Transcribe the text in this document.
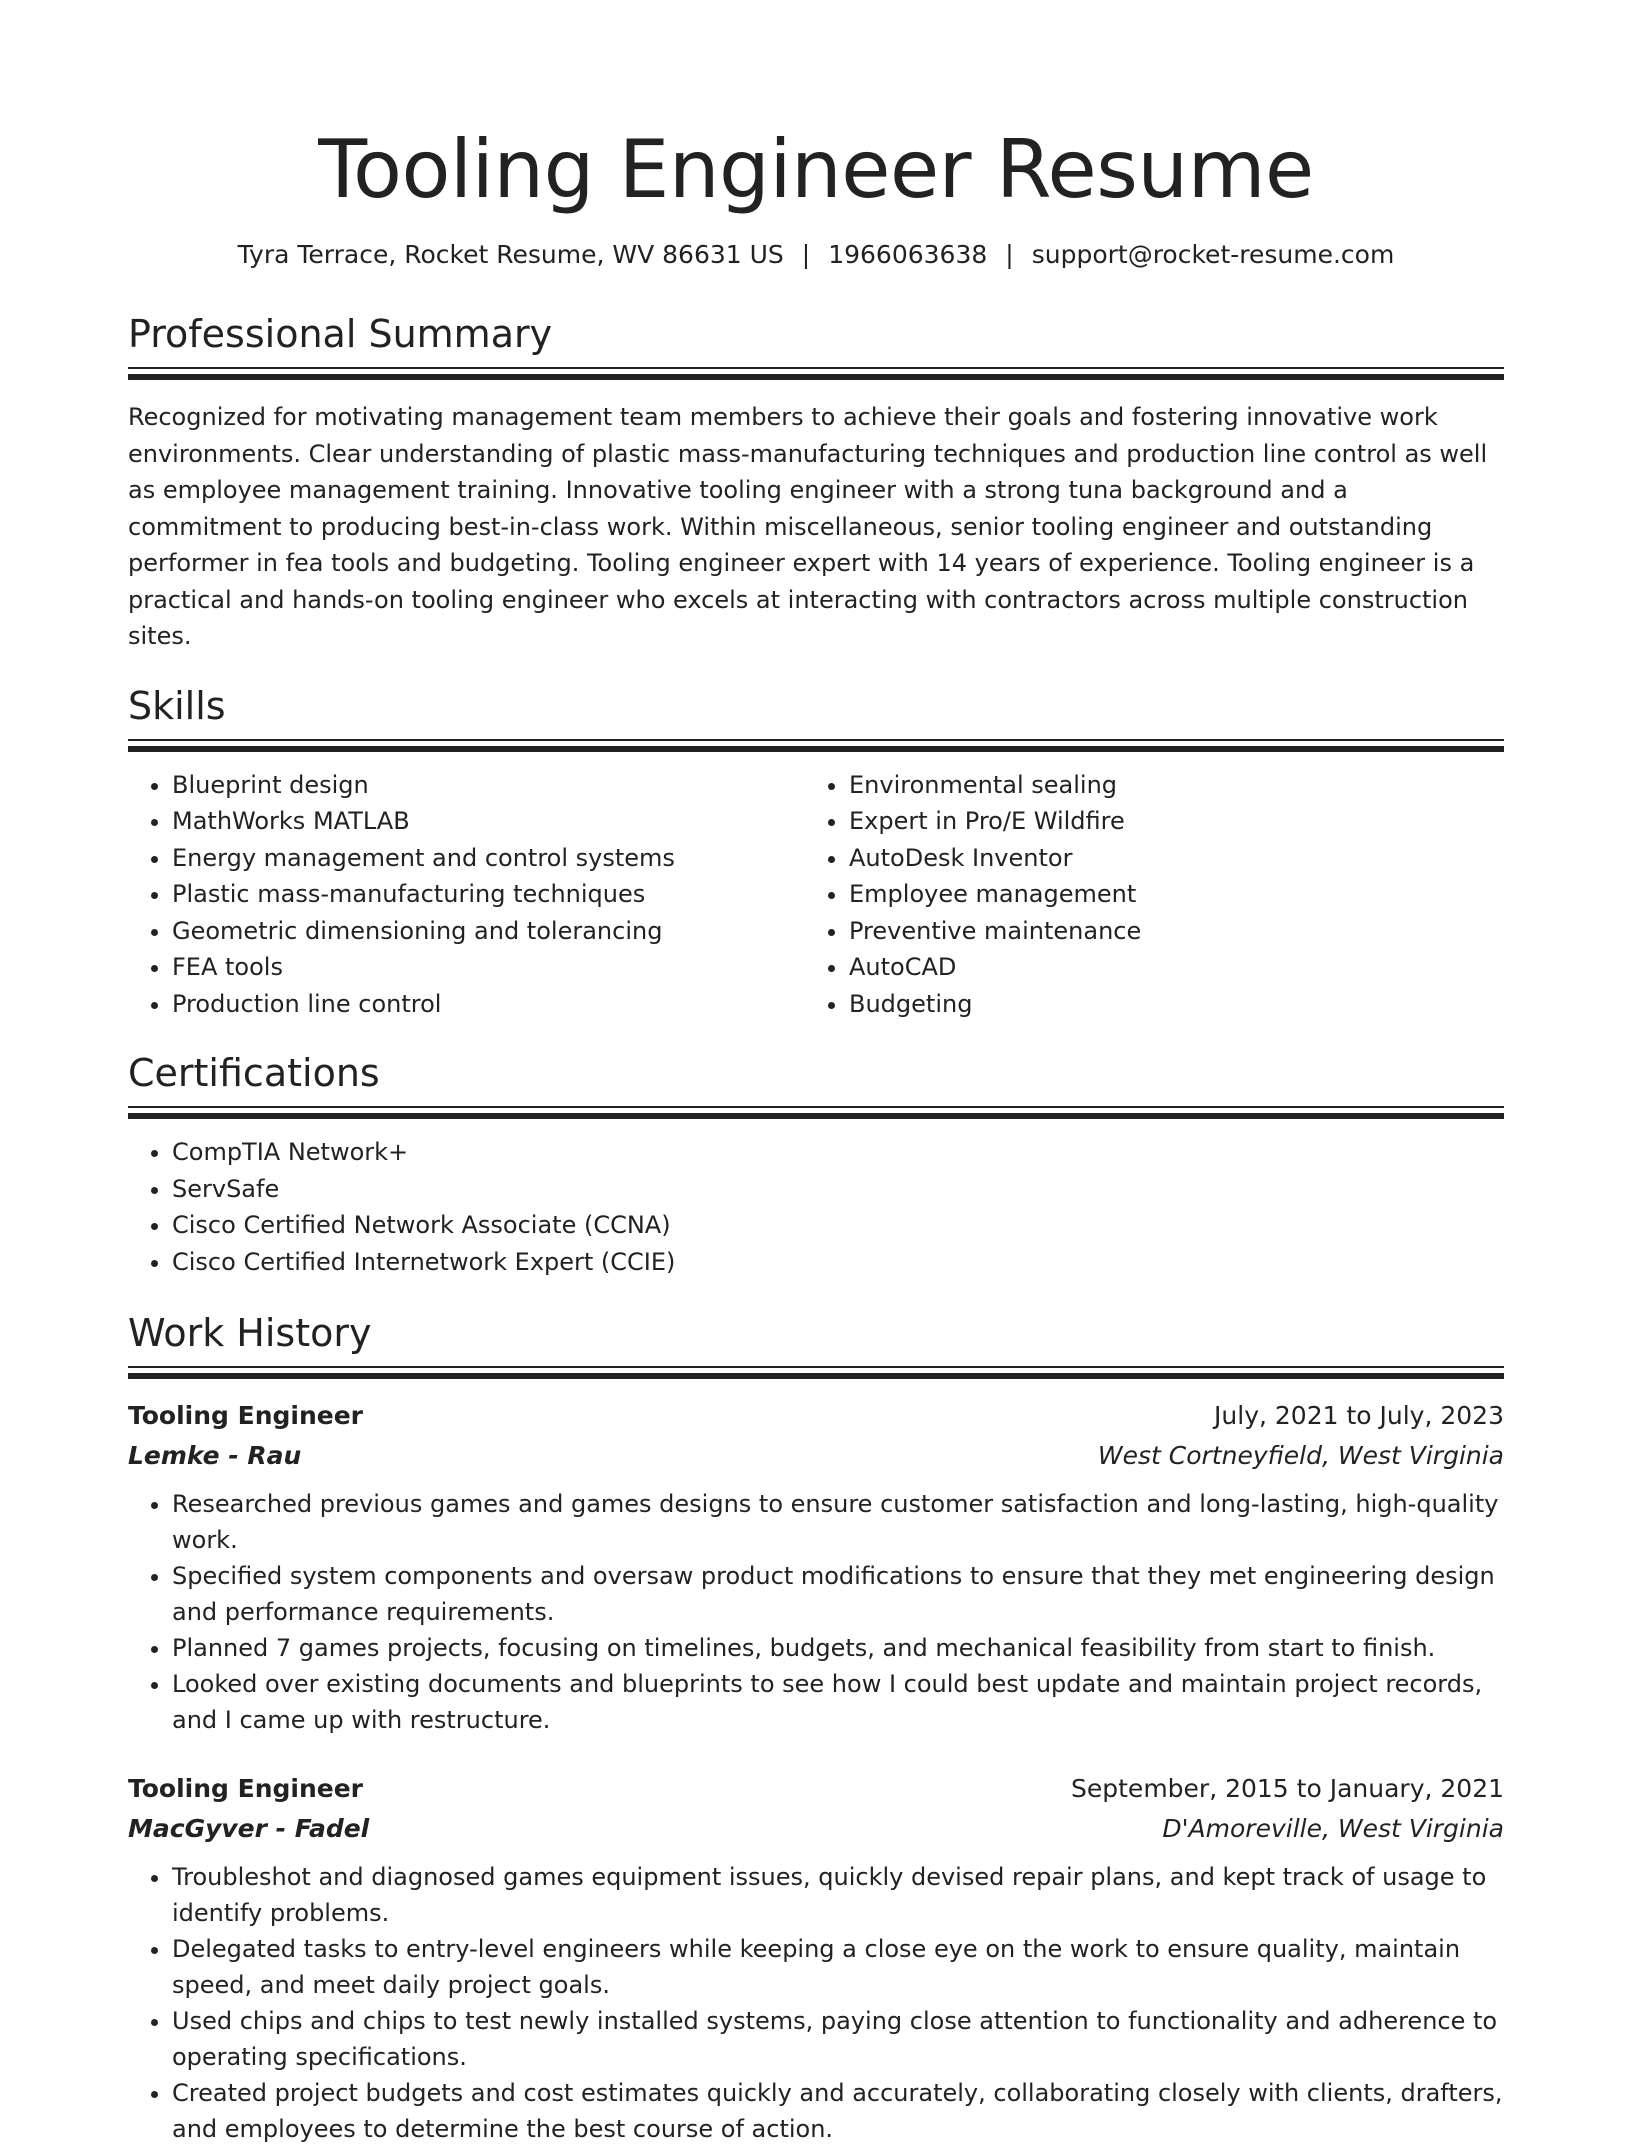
Tooling Engineer Resume
Tyra Terrace, Rocket Resume, WV 86631 US | 1966063638 | support@rocket-resume.com
Professional Summary

Recognized for motivating management team members to achieve their goals and fostering innovative work environments. Clear understanding of plastic mass-manufacturing techniques and production line control as well as employee management training. Innovative tooling engineer with a strong tuna background and a commitment to producing best-in-class work. Within miscellaneous, senior tooling engineer and outstanding performer in fea tools and budgeting. Tooling engineer expert with 14 years of experience. Tooling engineer is a practical and hands-on tooling engineer who excels at interacting with contractors across multiple construction sites.

Skills
• Blueprint design
• MathWorks MATLAB
• Energy management and control systems
• Plastic mass-manufacturing techniques
• Geometric dimensioning and tolerancing
• FEA tools
• Production line control
• Environmental sealing
• Expert in Pro/E Wildfire
• AutoDesk Inventor
• Employee management
• Preventive maintenance
• AutoCAD
• Budgeting
Certifications
• CompTIA Network+
• ServSafe
• Cisco Certified Network Associate (CCNA)
• Cisco Certified Internetwork Expert (CCIE)
Work History
Tooling Engineer	July, 2021 to July, 2023
Lemke - Rau	West Cortneyfield, West Virginia
• Researched previous games and games designs to ensure customer satisfaction and long-lasting, high-quality work.
• Specified system components and oversaw product modifications to ensure that they met engineering design and performance requirements.
• Planned 7 games projects, focusing on timelines, budgets, and mechanical feasibility from start to finish.
• Looked over existing documents and blueprints to see how I could best update and maintain project records, and I came up with restructure.
Tooling Engineer	September, 2015 to January, 2021
MacGyver - Fadel	D'Amoreville, West Virginia
• Troubleshot and diagnosed games equipment issues, quickly devised repair plans, and kept track of usage to identify problems.
• Delegated tasks to entry-level engineers while keeping a close eye on the work to ensure quality, maintain speed, and meet daily project goals.
• Used chips and chips to test newly installed systems, paying close attention to functionality and adherence to operating specifications.
• Created project budgets and cost estimates quickly and accurately, collaborating closely with clients, drafters, and employees to determine the best course of action.
